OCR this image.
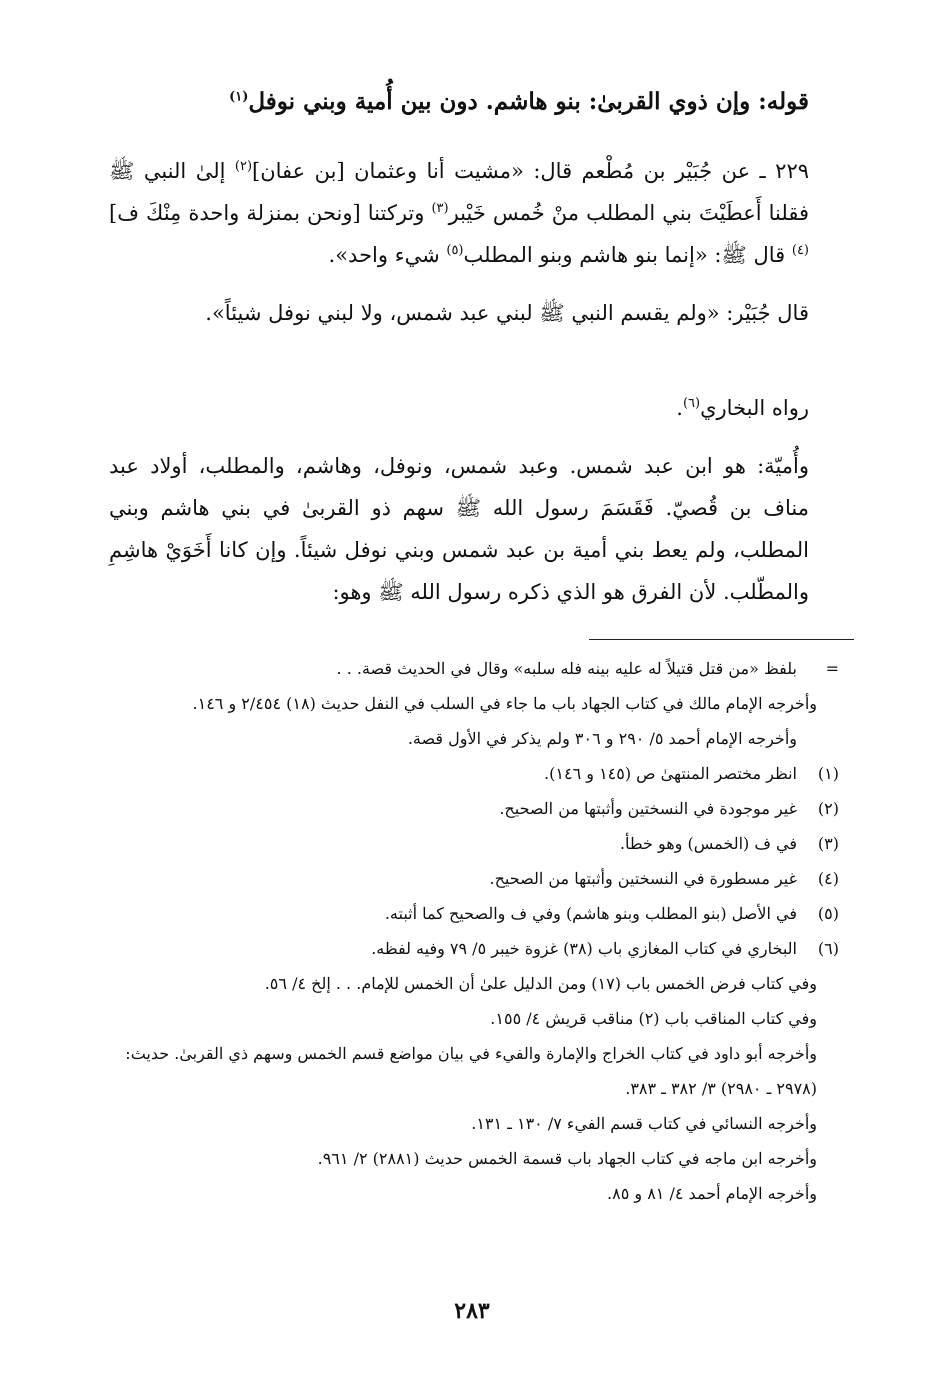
قوله: وإن ذوي القربىٰ: بنو هاشم. دون بين أُمية وبني نوفل$^{(١)}$

٢٢٩ ـ عن جُبَيْر بن مُطْعم قال: «مشيت أنا وعثمان [بن عفان]$^{(٢)}$ إلىٰ النبي ﷺ فقلنا أَعطَيْتَ بني المطلب منْ خُمس خَيْبر$^{(٣)}$ وتركتنا [ونحن بمنزلة واحدة مِنْكَ ف]$^{(٤)}$ قال ﷺ: «إنما بنو هاشم وبنو المطلب$^{(٥)}$ شيء واحد».

قال جُبَيْر: «ولم يقسم النبي ﷺ لبني عبد شمس، ولا لبني نوفل شيئاً».

رواه البخاري$^{(٦)}$.

وأُميّة: هو ابن عبد شمس. وعبد شمس، ونوفل، وهاشم، والمطلب، أولاد عبد مناف بن قُصيّ. فَقَسَمَ رسول الله ﷺ سهم ذو القربىٰ في بني هاشم وبني المطلب، ولم يعط بني أمية بن عبد شمس وبني نوفل شيئاً. وإن كانا أَخَوَيْ هاشِمِ والمطّلب. لأن الفرق هو الذي ذكره رسول الله ﷺ وهو:

=
بلفظ «من قتل قتيلاً له عليه بينه فله سلبه» وقال في الحديث قصة. . .
وأخرجه الإمام مالك في كتاب الجهاد باب ما جاء في السلب في النفل حديث (١٨) ٢/٤٥٤ و ١٤٦.
وأخرجه الإمام أحمد ٥/ ٢٩٠ و ٣٠٦ ولم يذكر في الأول قصة.
(١)
انظر مختصر المنتهىٰ ص (١٤٥ و ١٤٦).
(٢)
غير موجودة في النسختين وأثبتها من الصحيح.
(٣)
في ف (الخمس) وهو خطأ.
(٤)
غير مسطورة في النسختين وأثبتها من الصحيح.
(٥)
في الأصل (بنو المطلب وبنو هاشم) وفي ف والصحيح كما أثبته.
(٦)
البخاري في كتاب المغازي باب (٣٨) غزوة خيبر ٥/ ٧٩ وفيه لفظه.
وفي كتاب فرض الخمس باب (١٧) ومن الدليل علىٰ أن الخمس للإمام. . . إلخ ٤/ ٥٦.
وفي كتاب المناقب باب (٢) مناقب قريش ٤/ ١٥٥.
وأخرجه أبو داود في كتاب الخراج والإمارة والفيء في بيان مواضع قسم الخمس وسهم ذي القربىٰ. حديث: (٢٩٧٨ ـ ٢٩٨٠) ٣/ ٣٨٢ ـ ٣٨٣.
وأخرجه النسائي في كتاب قسم الفيء ٧/ ١٣٠ ـ ١٣١.
وأخرجه ابن ماجه في كتاب الجهاد باب قسمة الخمس حديث (٢٨٨١) ٢/ ٩٦١.
وأخرجه الإمام أحمد ٤/ ٨١ و ٨٥.
٢٨٣
